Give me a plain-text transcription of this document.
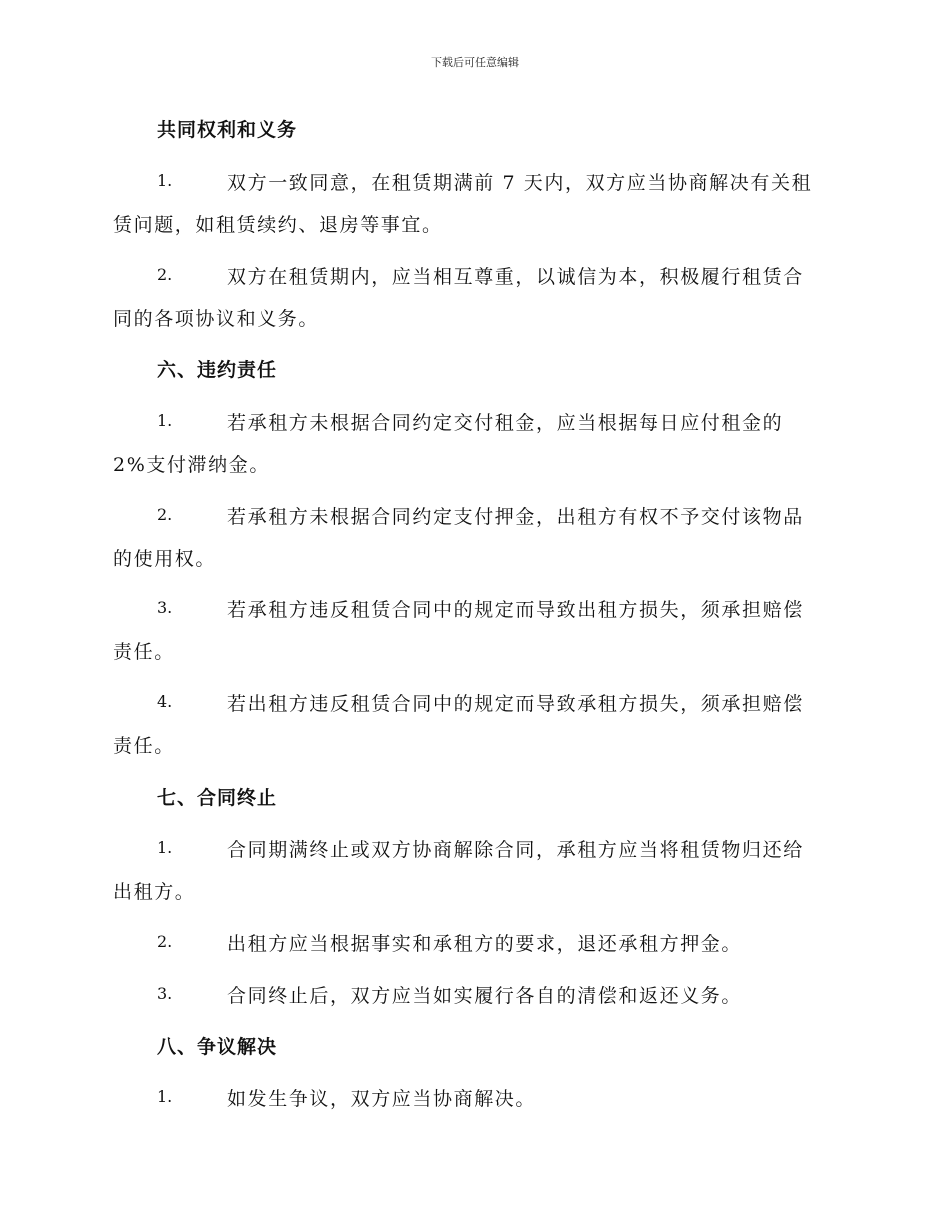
下载后可任意编辑
共同权利和义务
1.	双方一致同意，在租赁期满前 7 天内，双方应当协商解决有关租
赁问题，如租赁续约、退房等事宜。
2.	双方在租赁期内，应当相互尊重，以诚信为本，积极履行租赁合
同的各项协议和义务。
六、违约责任
1.	若承租方未根据合同约定交付租金，应当根据每日应付租金的
2%支付滞纳金。
2.	若承租方未根据合同约定支付押金，出租方有权不予交付该物品
的使用权。
3.	若承租方违反租赁合同中的规定而导致出租方损失，须承担赔偿
责任。
4.	若出租方违反租赁合同中的规定而导致承租方损失，须承担赔偿
责任。
七、合同终止
1.	合同期满终止或双方协商解除合同，承租方应当将租赁物归还给
出租方。
2.	出租方应当根据事实和承租方的要求，退还承租方押金。
3.	合同终止后，双方应当如实履行各自的清偿和返还义务。
八、争议解决
1.	如发生争议，双方应当协商解决。
